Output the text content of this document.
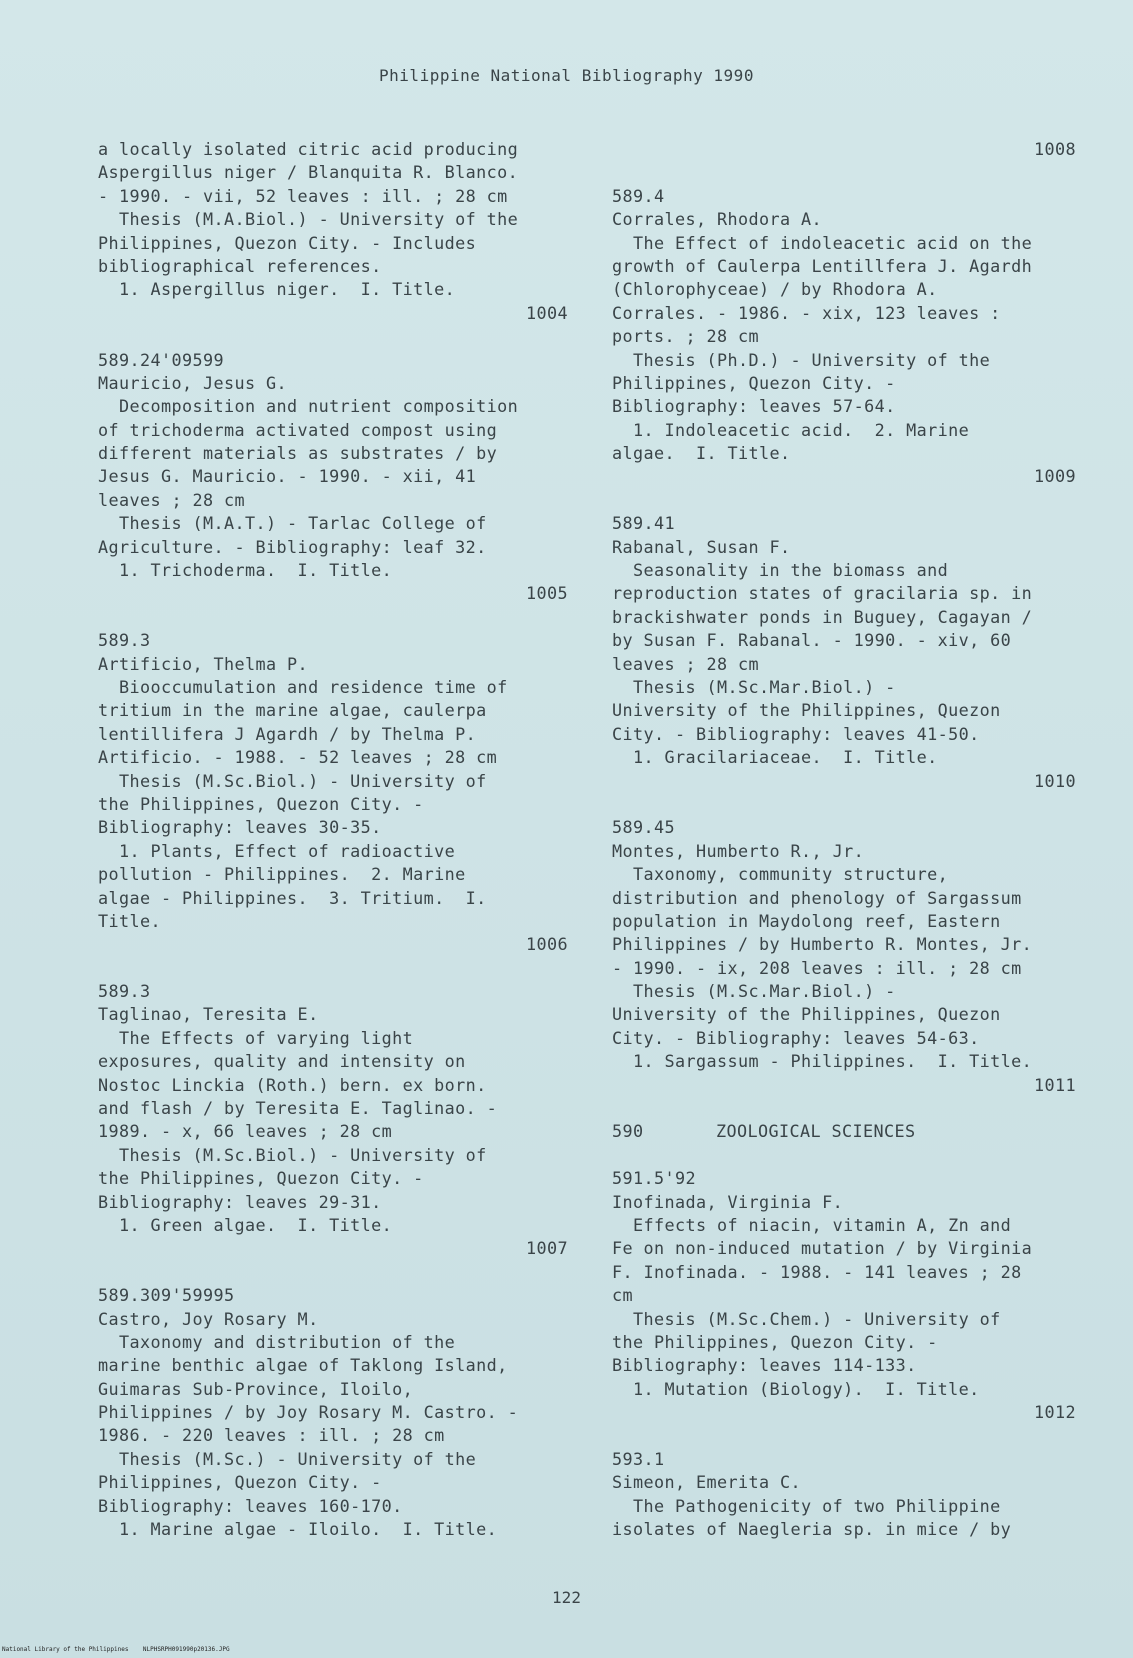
Philippine National Bibliography 1990
a locally isolated citric acid producing
Aspergillus niger / Blanquita R. Blanco.
- 1990. - vii, 52 leaves : ill. ; 28 cm
Thesis (M.A.Biol.) - University of the
Philippines, Quezon City. - Includes
bibliographical references.
1. Aspergillus niger.  I. Title.
1004
589.24'09599
Mauricio, Jesus G.
Decomposition and nutrient composition
of trichoderma activated compost using
different materials as substrates / by
Jesus G. Mauricio. - 1990. - xii, 41
leaves ; 28 cm
Thesis (M.A.T.) - Tarlac College of
Agriculture. - Bibliography: leaf 32.
1. Trichoderma.  I. Title.
1005
589.3
Artificio, Thelma P.
Biooccumulation and residence time of
tritium in the marine algae, caulerpa
lentillifera J Agardh / by Thelma P.
Artificio. - 1988. - 52 leaves ; 28 cm
Thesis (M.Sc.Biol.) - University of
the Philippines, Quezon City. -
Bibliography: leaves 30-35.
1. Plants, Effect of radioactive
pollution - Philippines.  2. Marine
algae - Philippines.  3. Tritium.  I.
Title.
1006
589.3
Taglinao, Teresita E.
The Effects of varying light
exposures, quality and intensity on
Nostoc Linckia (Roth.) bern. ex born.
and flash / by Teresita E. Taglinao. -
1989. - x, 66 leaves ; 28 cm
Thesis (M.Sc.Biol.) - University of
the Philippines, Quezon City. -
Bibliography: leaves 29-31.
1. Green algae.  I. Title.
1007
589.309'59995
Castro, Joy Rosary M.
Taxonomy and distribution of the
marine benthic algae of Taklong Island,
Guimaras Sub-Province, Iloilo,
Philippines / by Joy Rosary M. Castro. -
1986. - 220 leaves : ill. ; 28 cm
Thesis (M.Sc.) - University of the
Philippines, Quezon City. -
Bibliography: leaves 160-170.
1. Marine algae - Iloilo.  I. Title.
1008
589.4
Corrales, Rhodora A.
The Effect of indoleacetic acid on the
growth of Caulerpa Lentillfera J. Agardh
(Chlorophyceae) / by Rhodora A.
Corrales. - 1986. - xix, 123 leaves :
ports. ; 28 cm
Thesis (Ph.D.) - University of the
Philippines, Quezon City. -
Bibliography: leaves 57-64.
1. Indoleacetic acid.  2. Marine
algae.  I. Title.
1009
589.41
Rabanal, Susan F.
Seasonality in the biomass and
reproduction states of gracilaria sp. in
brackishwater ponds in Buguey, Cagayan /
by Susan F. Rabanal. - 1990. - xiv, 60
leaves ; 28 cm
Thesis (M.Sc.Mar.Biol.) -
University of the Philippines, Quezon
City. - Bibliography: leaves 41-50.
1. Gracilariaceae.  I. Title.
1010
589.45
Montes, Humberto R., Jr.
Taxonomy, community structure,
distribution and phenology of Sargassum
population in Maydolong reef, Eastern
Philippines / by Humberto R. Montes, Jr.
- 1990. - ix, 208 leaves : ill. ; 28 cm
Thesis (M.Sc.Mar.Biol.) -
University of the Philippines, Quezon
City. - Bibliography: leaves 54-63.
1. Sargassum - Philippines.  I. Title.
1011
590	ZOOLOGICAL SCIENCES
591.5'92
Inofinada, Virginia F.
Effects of niacin, vitamin A, Zn and
Fe on non-induced mutation / by Virginia
F. Inofinada. - 1988. - 141 leaves ; 28
cm
Thesis (M.Sc.Chem.) - University of
the Philippines, Quezon City. -
Bibliography: leaves 114-133.
1. Mutation (Biology).  I. Title.
1012
593.1
Simeon, Emerita C.
The Pathogenicity of two Philippine
isolates of Naegleria sp. in mice / by
122
National Library of the Philippines    NLPHSRPH091990p20136.JPG
